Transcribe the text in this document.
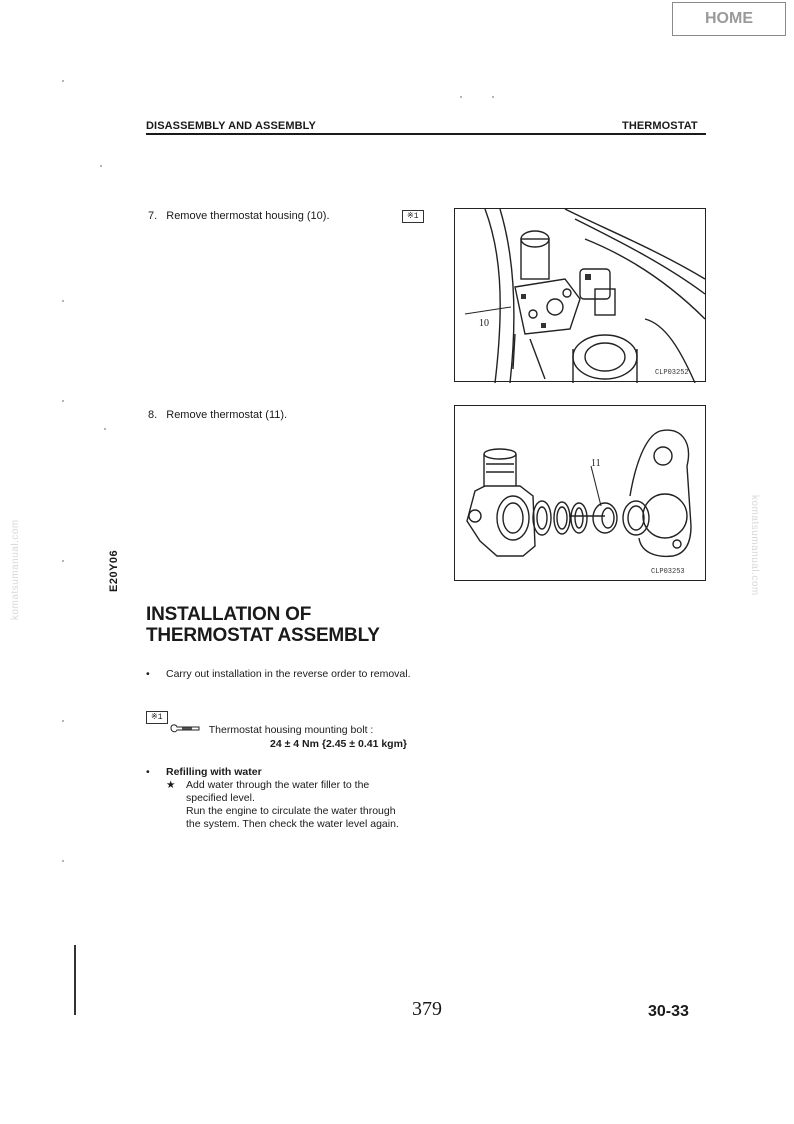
HOME
DISASSEMBLY AND ASSEMBLY	THERMOSTAT
komatsumanual.com	komatsumanual.com
E20Y06
7. Remove thermostat housing (10).	※1
10
CLP03252
8. Remove thermostat (11).
11
CLP03253
INSTALLATION OF
THERMOSTAT ASSEMBLY
• Carry out installation in the reverse order to removal.
※1
Thermostat housing mounting bolt :
24 ± 4 Nm {2.45 ± 0.41 kgm}
• Refilling with water
★ Add water through the water filler to the
specified level.
Run the engine to circulate the water through
the system. Then check the water level again.
379	30-33
